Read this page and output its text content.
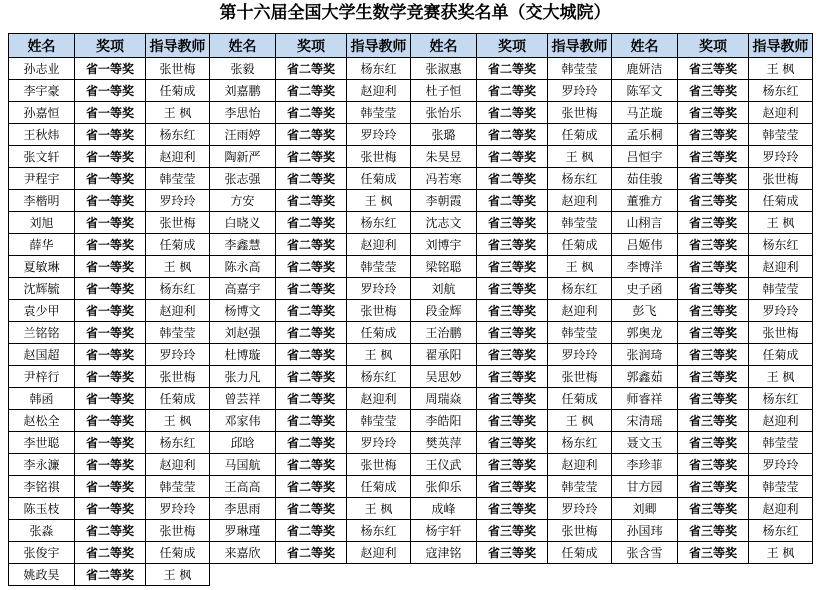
第十六届全国大学生数学竞赛获奖名单（交大城院）
姓名	奖项	指导教师	姓名	奖项	指导教师	姓名	奖项	指导教师	姓名	奖项	指导教师
孙志业	省一等奖	张世梅	张毅	省二等奖	杨东红	张淑惠	省二等奖	韩莹莹	鹿妍洁	省三等奖	王 枫
李宇豪	省一等奖	任菊成	刘嘉鹏	省二等奖	赵迎利	杜子恒	省二等奖	罗玲玲	陈军文	省三等奖	杨东红
孙嘉恒	省一等奖	王 枫	李思怡	省二等奖	韩莹莹	张怡乐	省二等奖	张世梅	马芷璇	省三等奖	赵迎利
王秋炜	省一等奖	杨东红	汪雨婷	省二等奖	罗玲玲	张璐	省二等奖	任菊成	孟乐桐	省三等奖	韩莹莹
张文轩	省一等奖	赵迎利	陶新严	省二等奖	张世梅	朱昊昱	省二等奖	王 枫	吕恒宇	省三等奖	罗玲玲
尹程宇	省一等奖	韩莹莹	张志强	省二等奖	任菊成	冯若寒	省二等奖	杨东红	茹佳骏	省三等奖	张世梅
李楷明	省一等奖	罗玲玲	方安	省二等奖	王 枫	李朝霞	省二等奖	赵迎利	董雅方	省三等奖	任菊成
刘旭	省一等奖	张世梅	白晓义	省二等奖	杨东红	沈志文	省三等奖	韩莹莹	山栩言	省三等奖	王 枫
薛华	省一等奖	任菊成	李鑫慧	省二等奖	赵迎利	刘博宇	省三等奖	任菊成	吕姬伟	省三等奖	杨东红
夏敏琳	省一等奖	王 枫	陈永高	省二等奖	韩莹莹	梁铭聪	省三等奖	王 枫	李博洋	省三等奖	赵迎利
沈辉毓	省一等奖	杨东红	高嘉宇	省二等奖	罗玲玲	刘航	省三等奖	杨东红	史子函	省三等奖	韩莹莹
袁少甲	省一等奖	赵迎利	杨博文	省二等奖	张世梅	段金辉	省三等奖	赵迎利	彭飞	省三等奖	罗玲玲
兰铭铭	省一等奖	韩莹莹	刘赵强	省二等奖	任菊成	王治鹏	省三等奖	韩莹莹	郭奥龙	省三等奖	张世梅
赵国超	省一等奖	罗玲玲	杜博璇	省二等奖	王 枫	翟承阳	省三等奖	罗玲玲	张润琦	省三等奖	任菊成
尹梓行	省一等奖	张世梅	张力凡	省二等奖	杨东红	吴思妙	省三等奖	张世梅	郭鑫茹	省三等奖	王 枫
韩函	省一等奖	任菊成	曾芸祥	省二等奖	赵迎利	周瑞焱	省三等奖	任菊成	师睿祥	省三等奖	杨东红
赵松全	省一等奖	王 枫	邓家伟	省二等奖	韩莹莹	李皓阳	省三等奖	王 枫	宋清瑶	省三等奖	赵迎利
李世聪	省一等奖	杨东红	邱晗	省二等奖	罗玲玲	樊英萍	省三等奖	杨东红	聂文玉	省三等奖	韩莹莹
李永濂	省一等奖	赵迎利	马国航	省二等奖	张世梅	王仪武	省三等奖	赵迎利	李珍菲	省三等奖	罗玲玲
李铭祺	省一等奖	韩莹莹	王高高	省二等奖	任菊成	张仰乐	省三等奖	韩莹莹	甘方园	省三等奖	韩莹莹
陈玉枝	省一等奖	罗玲玲	李思雨	省二等奖	王 枫	成峰	省三等奖	罗玲玲	刘卿	省三等奖	赵迎利
张淼	省二等奖	张世梅	罗琳瑾	省二等奖	杨东红	杨宇轩	省三等奖	张世梅	孙国玮	省三等奖	杨东红
张俊宇	省二等奖	任菊成	来嘉欣	省二等奖	赵迎利	寇津铭	省三等奖	任菊成	张含雪	省三等奖	王 枫
姚政昊	省二等奖	王 枫									
